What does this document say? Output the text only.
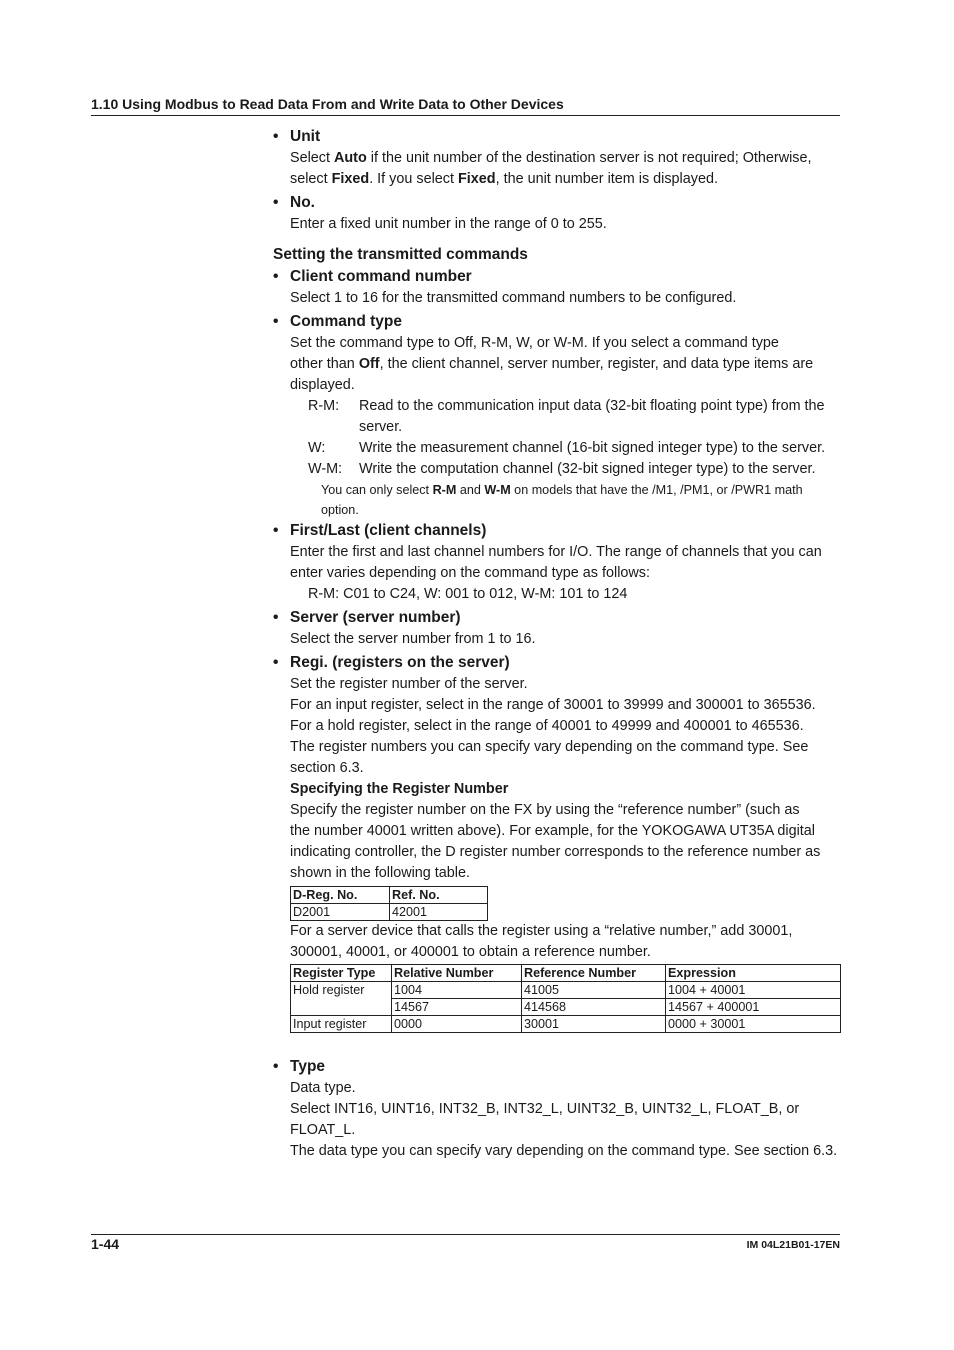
1.10 Using Modbus to Read Data From and Write Data to Other Devices
• Unit
Select Auto if the unit number of the destination server is not required; Otherwise,
select Fixed. If you select Fixed, the unit number item is displayed.
• No.
Enter a fixed unit number in the range of 0 to 255.
Setting the transmitted commands
• Client command number
Select 1 to 16 for the transmitted command numbers to be configured.
• Command type
Set the command type to Off, R-M, W, or W-M. If you select a command type
other than Off, the client channel, server number, register, and data type items are
displayed.
R-M:	Read to the communication input data (32-bit floating point type) from the server.
W:	Write the measurement channel (16-bit signed integer type) to the server.
W-M:	Write the computation channel (32-bit signed integer type) to the server.
You can only select R-M and W-M on models that have the /M1, /PM1, or /PWR1 math
option.
• First/Last (client channels)
Enter the first and last channel numbers for I/O. The range of channels that you can
enter varies depending on the command type as follows:
R-M: C01 to C24, W: 001 to 012, W-M: 101 to 124
• Server (server number)
Select the server number from 1 to 16.
• Regi. (registers on the server)
Set the register number of the server.
For an input register, select in the range of 30001 to 39999 and 300001 to 365536.
For a hold register, select in the range of 40001 to 49999 and 400001 to 465536.
The register numbers you can specify vary depending on the command type. See
section 6.3.
Specifying the Register Number
Specify the register number on the FX by using the “reference number” (such as
the number 40001 written above). For example, for the YOKOGAWA UT35A digital
indicating controller, the D register number corresponds to the reference number as
shown in the following table.
D-Reg. No.	Ref. No.
D2001	42001
For a server device that calls the register using a “relative number,” add 30001,
300001, 40001, or 400001 to obtain a reference number.
Register Type	Relative Number	Reference Number	Expression
Hold register	1004	41005	1004 + 40001
	14567	414568	14567 + 400001
Input register	0000	30001	0000 + 30001
• Type
Data type.
Select INT16, UINT16, INT32_B, INT32_L, UINT32_B, UINT32_L, FLOAT_B, or
FLOAT_L.
The data type you can specify vary depending on the command type. See section 6.3.
1-44	IM 04L21B01-17EN
